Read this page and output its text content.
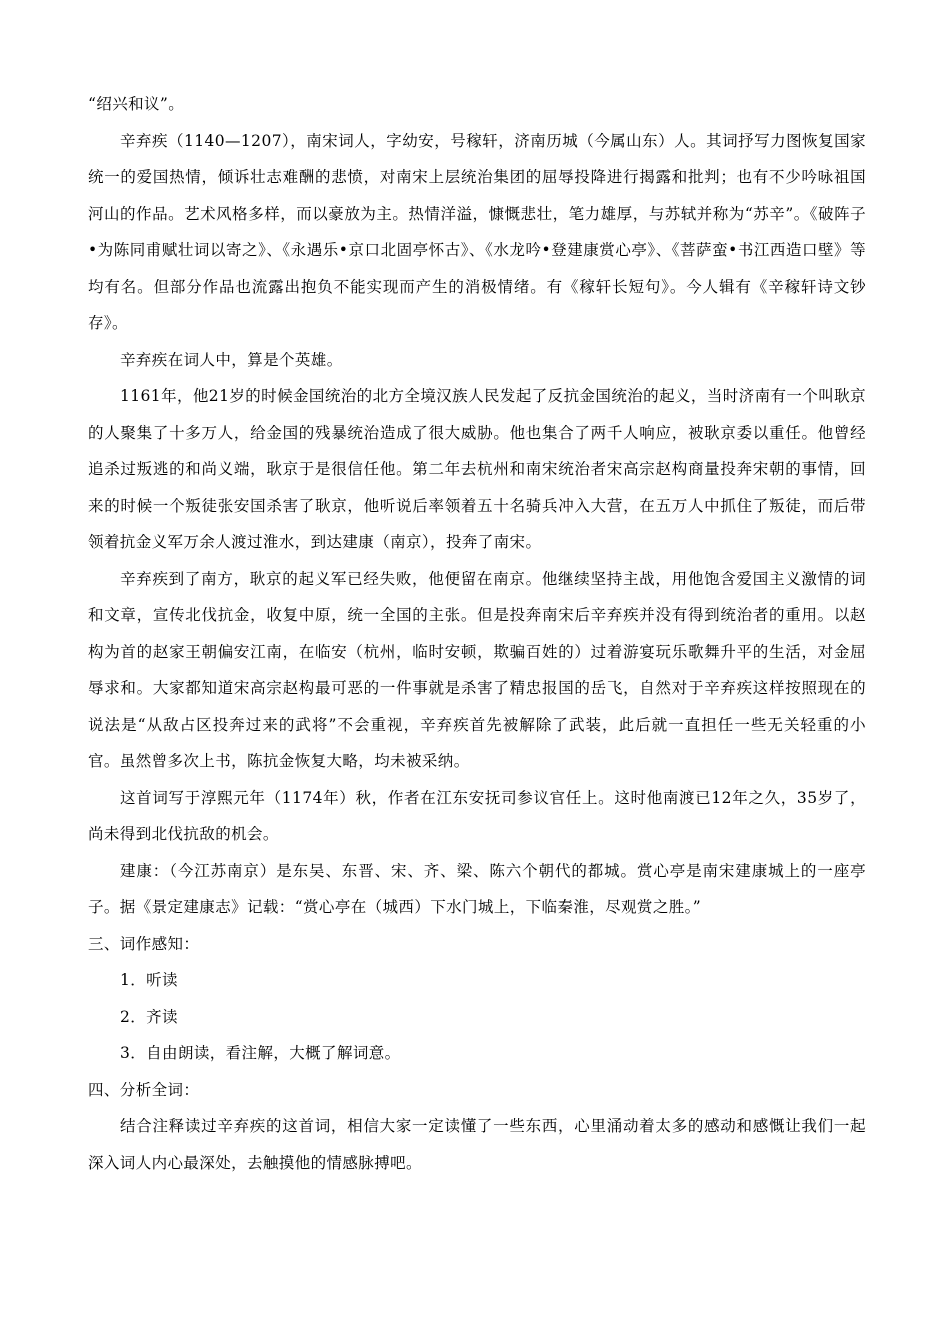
“绍兴和议”。

辛弃疾（1140—1207），南宋词人，字幼安，号稼轩，济南历城（今属山东）人。其词抒写力图恢复国家统一的爱国热情，倾诉壮志难酬的悲愤，对南宋上层统治集团的屈辱投降进行揭露和批判；也有不少吟咏祖国河山的作品。艺术风格多样，而以豪放为主。热情洋溢，慷慨悲壮，笔力雄厚，与苏轼并称为“苏辛”。《破阵子•为陈同甫赋壮词以寄之》、《永遇乐•京口北固亭怀古》、《水龙吟•登建康赏心亭》、《菩萨蛮•书江西造口壁》等均有名。但部分作品也流露出抱负不能实现而产生的消极情绪。有《稼轩长短句》。今人辑有《辛稼轩诗文钞存》。

辛弃疾在词人中，算是个英雄。

1161年，他21岁的时候金国统治的北方全境汉族人民发起了反抗金国统治的起义，当时济南有一个叫耿京的人聚集了十多万人，给金国的残暴统治造成了很大威胁。他也集合了两千人响应，被耿京委以重任。他曾经追杀过叛逃的和尚义端，耿京于是很信任他。第二年去杭州和南宋统治者宋高宗赵构商量投奔宋朝的事情，回来的时候一个叛徒张安国杀害了耿京，他听说后率领着五十名骑兵冲入大营，在五万人中抓住了叛徒，而后带领着抗金义军万余人渡过淮水，到达建康（南京），投奔了南宋。

辛弃疾到了南方，耿京的起义军已经失败，他便留在南京。他继续坚持主战，用他饱含爱国主义激情的词和文章，宣传北伐抗金，收复中原，统一全国的主张。但是投奔南宋后辛弃疾并没有得到统治者的重用。以赵构为首的赵家王朝偏安江南，在临安（杭州，临时安顿，欺骗百姓的）过着游宴玩乐歌舞升平的生活，对金屈辱求和。大家都知道宋高宗赵构最可恶的一件事就是杀害了精忠报国的岳飞，自然对于辛弃疾这样按照现在的说法是“从敌占区投奔过来的武将”不会重视，辛弃疾首先被解除了武装，此后就一直担任一些无关轻重的小官。虽然曾多次上书，陈抗金恢复大略，均未被采纳。

这首词写于淳熙元年（1174年）秋，作者在江东安抚司参议官任上。这时他南渡已12年之久，35岁了，尚未得到北伐抗敌的机会。

建康：（今江苏南京）是东吴、东晋、宋、齐、梁、陈六个朝代的都城。赏心亭是南宋建康城上的一座亭子。据《景定建康志》记载：“赏心亭在（城西）下水门城上，下临秦淮，尽观赏之胜。”

三、词作感知：

1．听读

2．齐读

3．自由朗读，看注解，大概了解词意。

四、分析全词：

结合注释读过辛弃疾的这首词，相信大家一定读懂了一些东西，心里涌动着太多的感动和感慨让我们一起深入词人内心最深处，去触摸他的情感脉搏吧。
